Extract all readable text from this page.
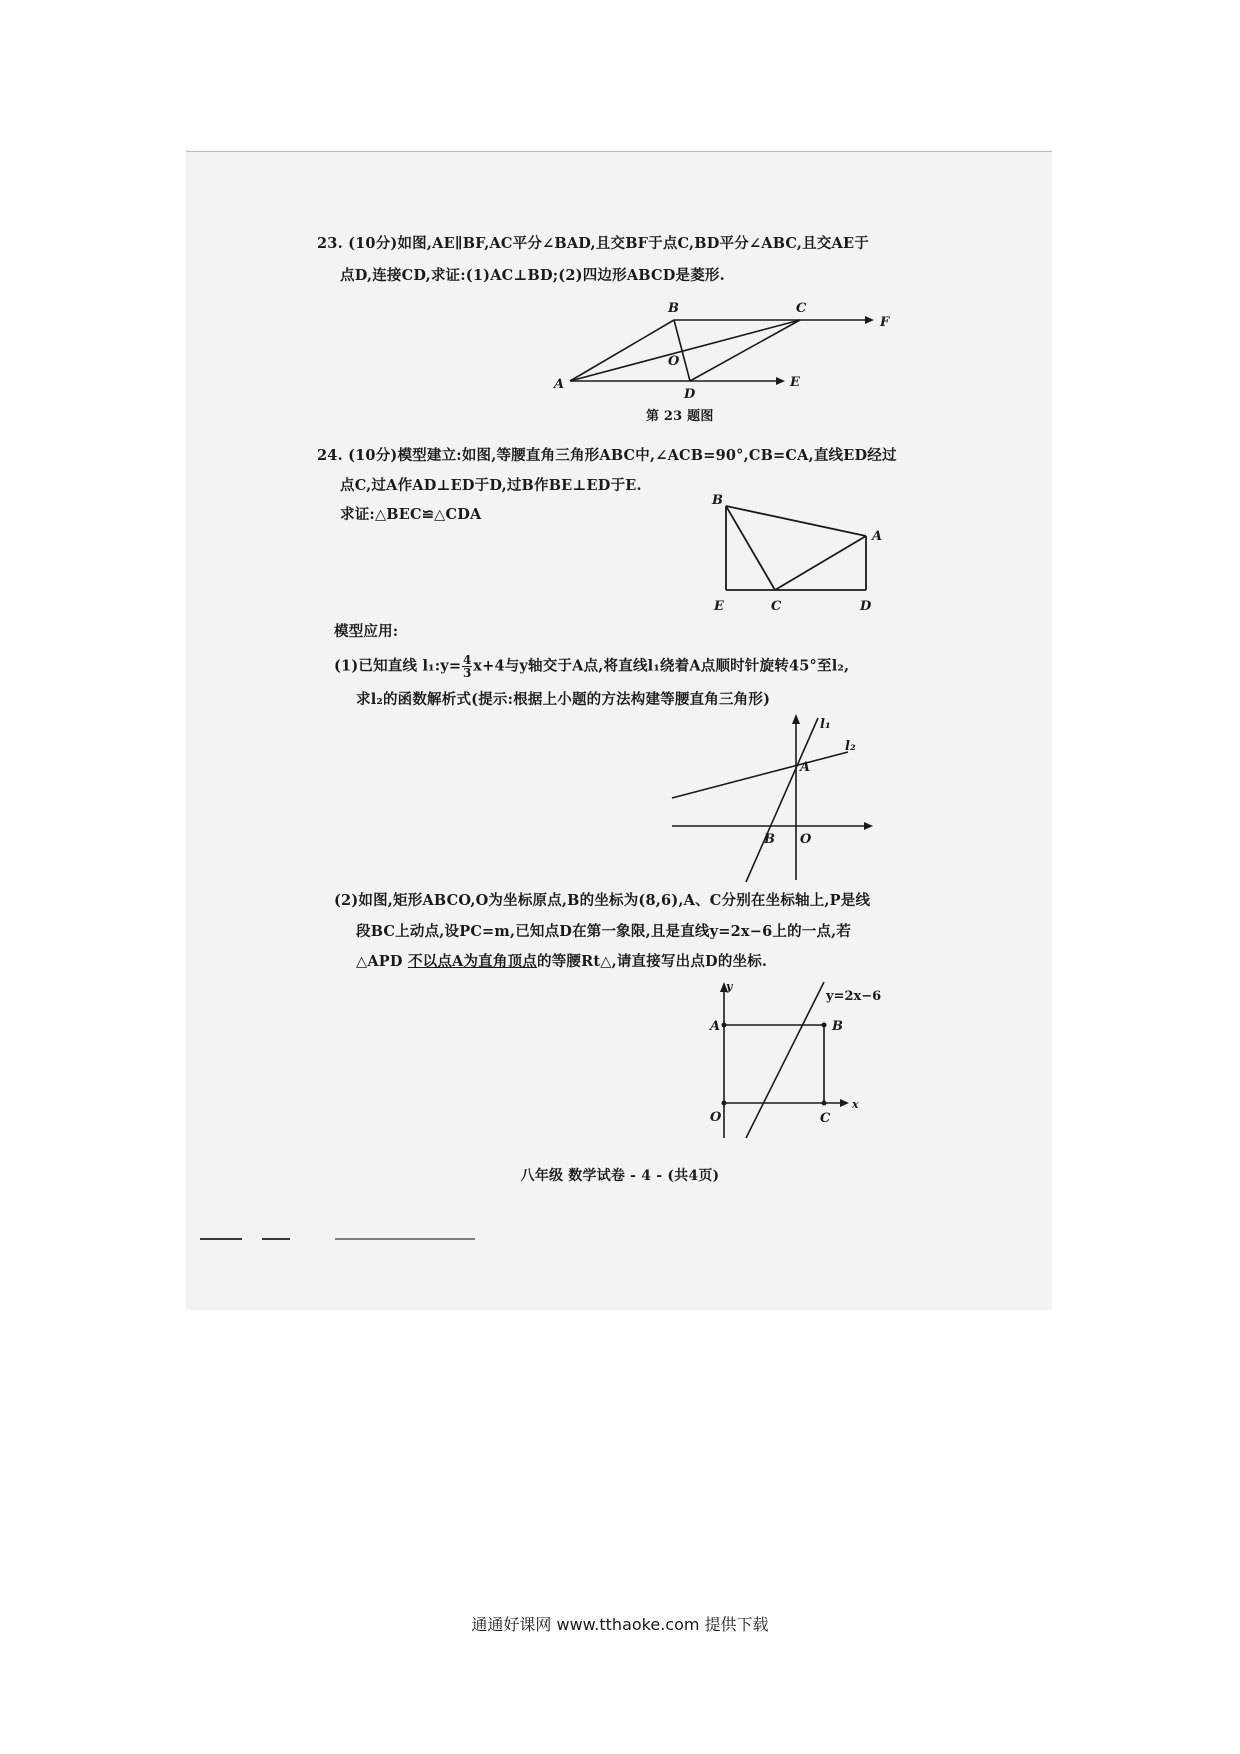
23. (10分)如图,AE∥BF,AC平分∠BAD,且交BF于点C,BD平分∠ABC,且交AE于
点D,连接CD,求证:(1)AC⊥BD;(2)四边形ABCD是菱形.
A
B	C
D
E
F
O
第 23 题图
24. (10分)模型建立:如图,等腰直角三角形ABC中,∠ACB=90°,CB=CA,直线ED经过
点C,过A作AD⊥ED于D,过B作BE⊥ED于E.
求证:△BEC≌△CDA
B
A
E	C	D
模型应用:
(1)已知直线 l₁:y= $\frac{4}{3} x+4$与y轴交于A点,将直线l₁绕着A点顺时针旋转45°至l₂,
求l₂的函数解析式(提示:根据上小题的方法构建等腰直角三角形)
l₁
l₂
A
B O
(2)如图,矩形ABCO,O为坐标原点,B的坐标为(8,6),A、C分别在坐标轴上,P是线
段BC上动点,设PC=m,已知点D在第一象限,且是直线y=2x−6上的一点,若
△APD 不以点A为直角顶点的等腰Rt△,请直接写出点D的坐标.
y
x
A	B
C
O
y=2x−6
八年级 数学试卷 - 4 - (共4页)
通通好课网 www.tthaoke.com 提供下载
